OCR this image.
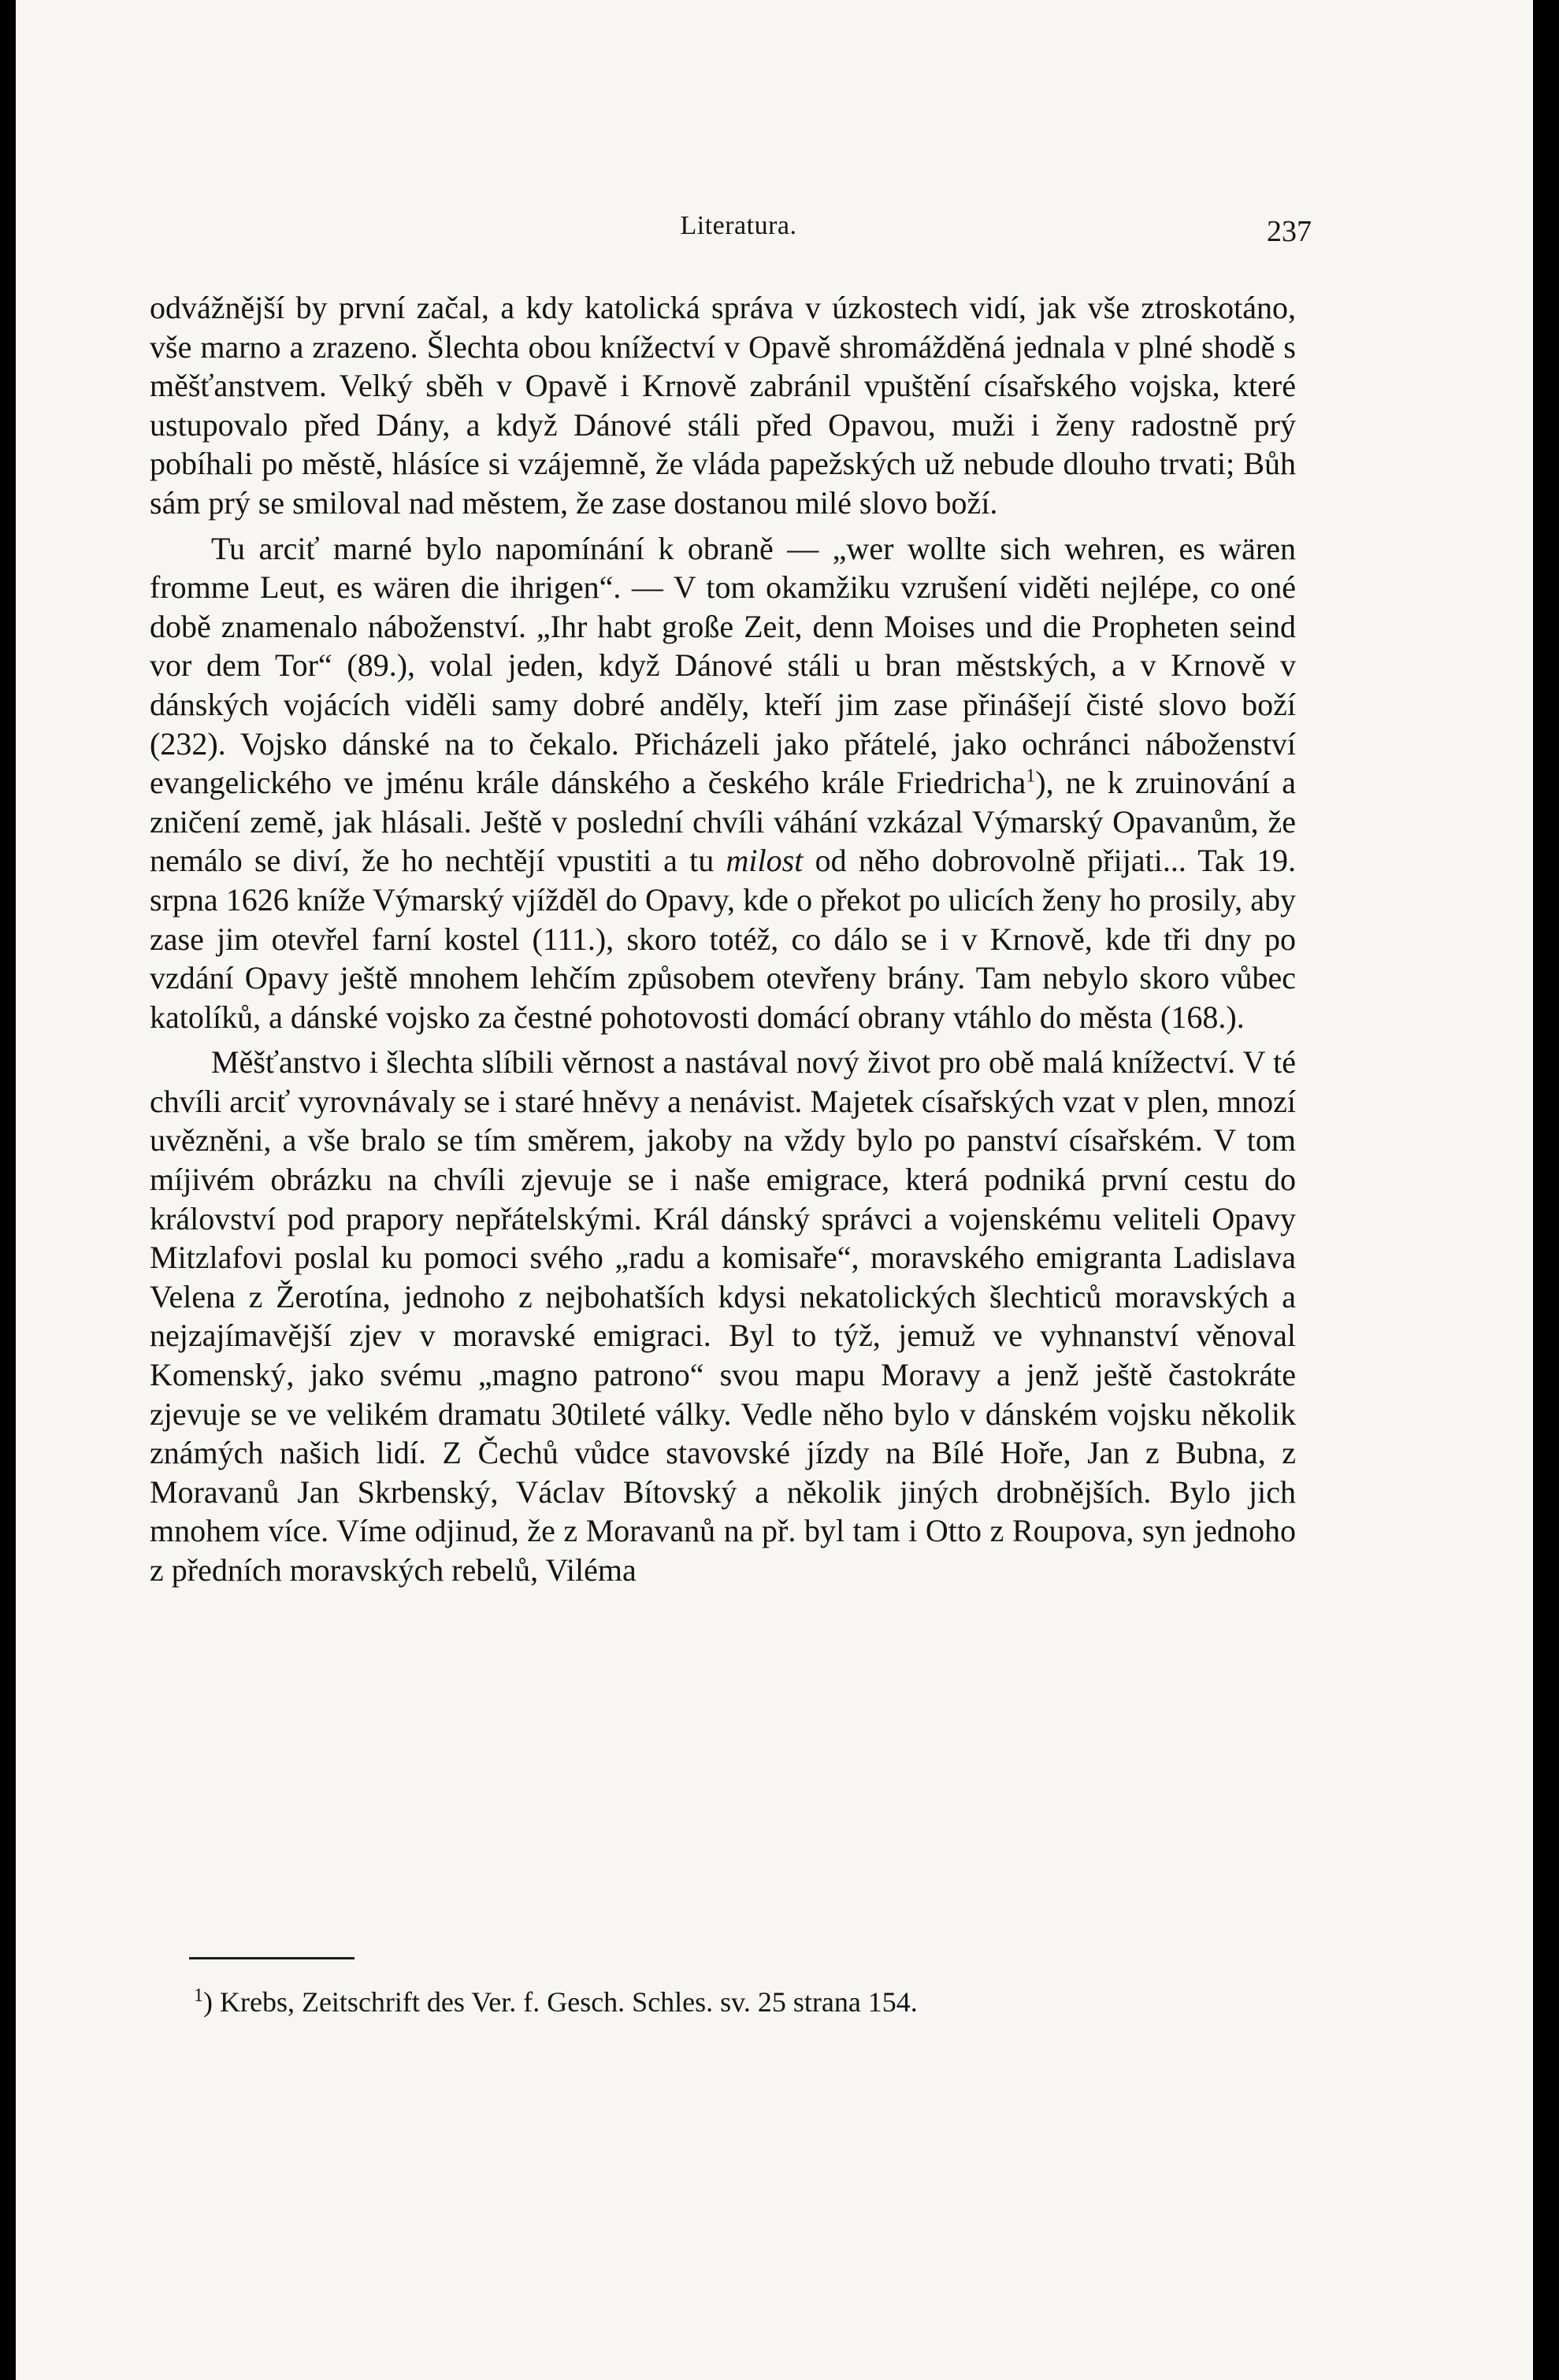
Literatura.	237

odvážnější by první začal, a kdy katolická správa v úzkostech vidí, jak vše ztroskotáno, vše marno a zrazeno. Šlechta obou knížectví v Opavě shromážděná jednala v plné shodě s měšťanstvem. Velký sběh v Opavě i Krnově zabránil vpuštění císařského vojska, které ustupovalo před Dány, a když Dánové stáli před Opavou, muži i ženy radostně prý pobíhali po městě, hlásíce si vzájemně, že vláda papežských už nebude dlouho trvati; Bůh sám prý se smiloval nad městem, že zase dostanou milé slovo boží.

Tu arciť marné bylo napomínání k obraně — „wer wollte sich wehren, es wären fromme Leut, es wären die ihrigen“. — V tom okamžiku vzrušení viděti nejlépe, co oné době znamenalo náboženství. „Ihr habt große Zeit, denn Moises und die Propheten seind vor dem Tor“ (89.), volal jeden, když Dánové stáli u bran městských, a v Krnově v dánských vojácích viděli samy dobré anděly, kteří jim zase přinášejí čisté slovo boží (232). Vojsko dánské na to čekalo. Přicházeli jako přátelé, jako ochránci náboženství evangelického ve jménu krále dánského a českého krále Friedricha$^1$), ne k zruinování a zničení země, jak hlásali. Ještě v poslední chvíli váhání vzkázal Výmarský Opavanům, že nemálo se diví, že ho nechtějí vpustiti a tu milost od něho dobrovolně přijati... Tak 19. srpna 1626 kníže Výmarský vjížděl do Opavy, kde o překot po ulicích ženy ho prosily, aby zase jim otevřel farní kostel (111.), skoro totéž, co dálo se i v Krnově, kde tři dny po vzdání Opavy ještě mnohem lehčím způsobem otevřeny brány. Tam nebylo skoro vůbec katolíků, a dánské vojsko za čestné pohotovosti domácí obrany vtáhlo do města (168.).

Měšťanstvo i šlechta slíbili věrnost a nastával nový život pro obě malá knížectví. V té chvíli arciť vyrovnávaly se i staré hněvy a nenávist. Majetek císařských vzat v plen, mnozí uvězněni, a vše bralo se tím směrem, jakoby na vždy bylo po panství císařském. V tom míjivém obrázku na chvíli zjevuje se i naše emigrace, která podniká první cestu do království pod prapory nepřátelskými. Král dánský správci a vojenskému veliteli Opavy Mitzlafovi poslal ku pomoci svého „radu a komisaře“, moravského emigranta Ladislava Velena z Žerotína, jednoho z nejbohatších kdysi nekatolických šlechticů moravských a nejzajímavější zjev v moravské emigraci. Byl to týž, jemuž ve vyhnanství věnoval Komenský, jako svému „magno patrono“ svou mapu Moravy a jenž ještě častokráte zjevuje se ve velikém dramatu 30tileté války. Vedle něho bylo v dánském vojsku několik známých našich lidí. Z Čechů vůdce stavovské jízdy na Bílé Hoře, Jan z Bubna, z Moravanů Jan Skrbenský, Václav Bítovský a několik jiných drobnějších. Bylo jich mnohem více. Víme odjinud, že z Moravanů na př. byl tam i Otto z Roupova, syn jednoho z předních moravských rebelů, Viléma

$^1$) Krebs, Zeitschrift des Ver. f. Gesch. Schles. sv. 25 strana 154.
